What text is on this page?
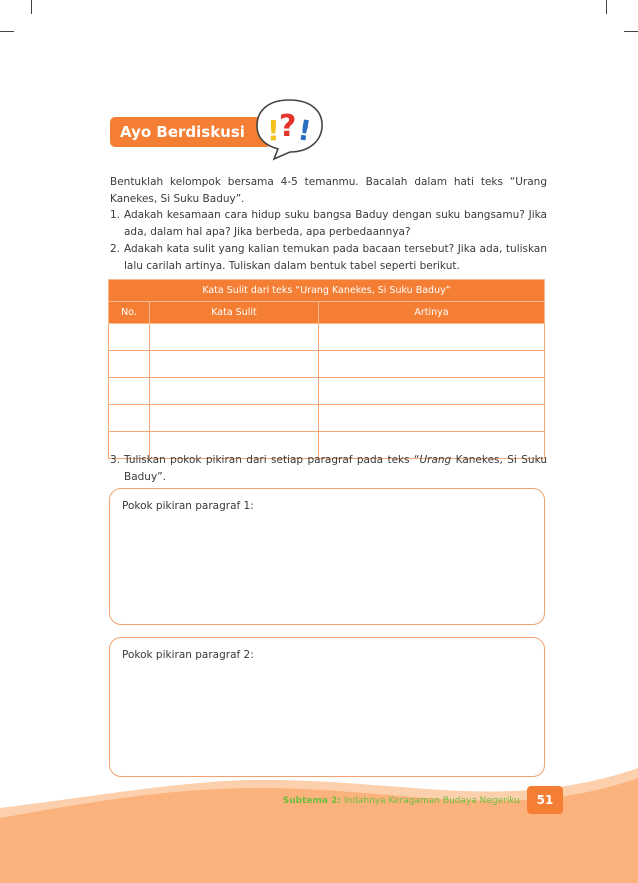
Ayo Berdiskusi ! ? !
Bentuklah kelompok bersama 4-5 temanmu. Bacalah dalam hati teks “Urang Kanekes, Si Suku Baduy”.
1. Adakah kesamaan cara hidup suku bangsa Baduy dengan suku bangsamu? Jika ada, dalam hal apa? Jika berbeda, apa perbedaannya?
2. Adakah kata sulit yang kalian temukan pada bacaan tersebut? Jika ada, tuliskan lalu carilah artinya. Tuliskan dalam bentuk tabel seperti berikut.
Kata Sulit dari teks “Urang Kanekes, Si Suku Baduy”		
No.	Kata Sulit	Artinya

3. Tuliskan pokok pikiran dari setiap paragraf pada teks “Urang Kanekes, Si Suku Baduy”.
Pokok pikiran paragraf 1:
Pokok pikiran paragraf 2:
Subtema 2: Indahnya Keragaman Budaya Negeriku	51
